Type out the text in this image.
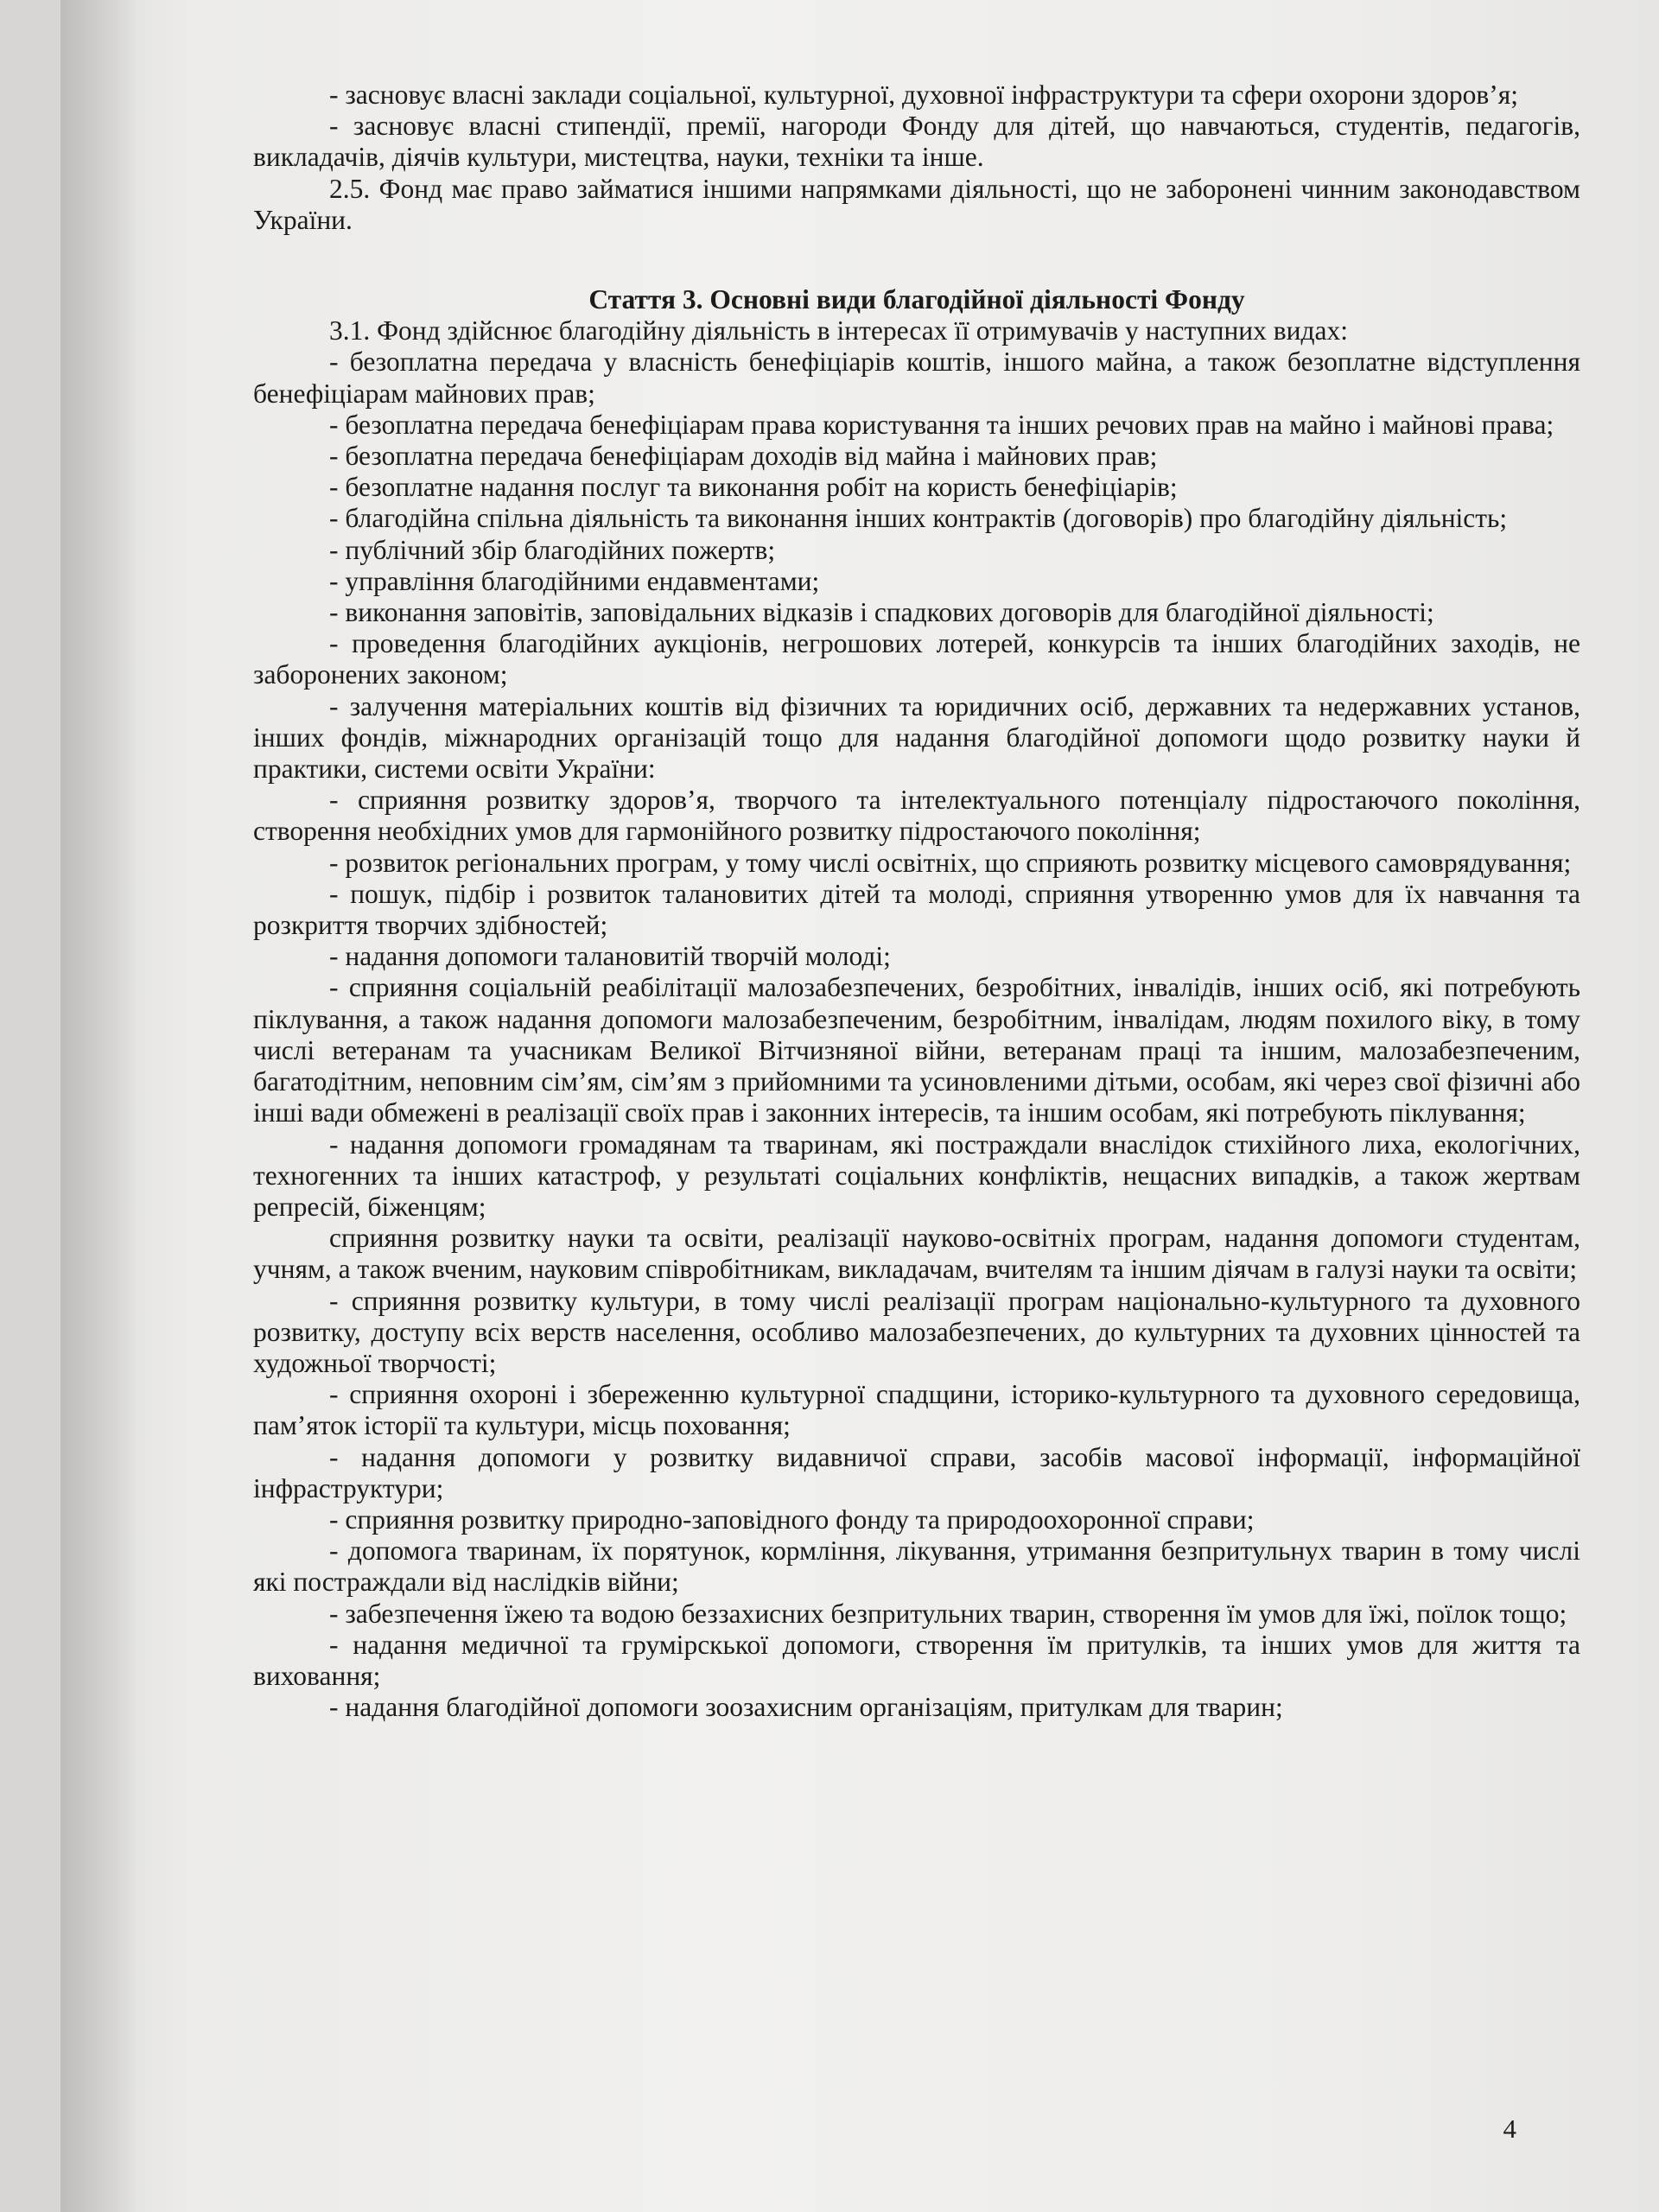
- засновує власні заклади соціальної, культурної, духовної інфраструктури та сфери охорони здоров’я;

- засновує власні стипендії, премії, нагороди Фонду для дітей, що навчаються, студентів, педагогів, викладачів, діячів культури, мистецтва, науки, техніки та інше.

2.5. Фонд має право займатися іншими напрямками діяльності, що не заборонені чинним законодавством України.

Стаття 3. Основні види благодійної діяльності Фонду

3.1. Фонд здійснює благодійну діяльність в інтересах її отримувачів у наступних видах:

- безоплатна передача у власність бенефіціарів коштів, іншого майна, а також безоплатне відступлення бенефіціарам майнових прав;

- безоплатна передача бенефіціарам права користування та інших речових прав на майно і майнові права;

- безоплатна передача бенефіціарам доходів від майна і майнових прав;

- безоплатне надання послуг та виконання робіт на користь бенефіціарів;

- благодійна спільна діяльність та виконання інших контрактів (договорів) про благодійну діяльність;

- публічний збір благодійних пожертв;

- управління благодійними ендавментами;

- виконання заповітів, заповідальних відказів і спадкових договорів для благодійної діяльності;

- проведення благодійних аукціонів, негрошових лотерей, конкурсів та інших благодійних заходів, не заборонених законом;

- залучення матеріальних коштів від фізичних та юридичних осіб, державних та недержавних установ, інших фондів, міжнародних організацій тощо для надання благодійної допомоги щодо розвитку науки й практики, системи освіти України:

- сприяння розвитку здоров’я, творчого та інтелектуального потенціалу підростаючого покоління, створення необхідних умов для гармонійного розвитку підростаючого покоління;

- розвиток регіональних програм, у тому числі освітніх, що сприяють розвитку місцевого самоврядування;

- пошук, підбір і розвиток талановитих дітей та молоді, сприяння утворенню умов для їх навчання та розкриття творчих здібностей;

- надання допомоги талановитій творчій молоді;

- сприяння соціальній реабілітації малозабезпечених, безробітних, інвалідів, інших осіб, які потребують піклування, а також надання допомоги малозабезпеченим, безробітним, інвалідам, людям похилого віку, в тому числі ветеранам та учасникам Великої Вітчизняної війни, ветеранам праці та іншим, малозабезпеченим, багатодітним, неповним сім’ям, сім’ям з прийомними та усиновленими дітьми, особам, які через свої фізичні або інші вади обмежені в реалізації своїх прав і законних інтересів, та іншим особам, які потребують піклування;

- надання допомоги громадянам та тваринам, які постраждали внаслідок стихійного лиха, екологічних, техногенних та інших катастроф, у результаті соціальних конфліктів, нещасних випадків, а також жертвам репресій, біженцям;

сприяння розвитку науки та освіти, реалізації науково-освітніх програм, надання допомоги студентам, учням, а також вченим, науковим співробітникам, викладачам, вчителям та іншим діячам в галузі науки та освіти;

- сприяння розвитку культури, в тому числі реалізації програм національно-культурного та духовного розвитку, доступу всіх верств населення, особливо малозабезпечених, до культурних та духовних цінностей та художньої творчості;

- сприяння охороні і збереженню культурної спадщини, історико-культурного та духовного середовища, пам’яток історії та культури, місць поховання;

- надання допомоги у розвитку видавничої справи, засобів масової інформації, інформаційної інфраструктури;

- сприяння розвитку природно-заповідного фонду та природоохоронної справи;

- допомога тваринам, їх порятунок, кормління, лікування, утримання безпритульнух тварин в тому числі які постраждали від наслідків війни;

- забезпечення їжею та водою беззахисних безпритульних тварин, створення їм умов для їжі, поїлок тощо;

- надання медичної та грумірскької допомоги, створення їм притулків, та інших умов для життя та виховання;

- надання благодійної допомоги зоозахисним організаціям, притулкам для тварин;

4
